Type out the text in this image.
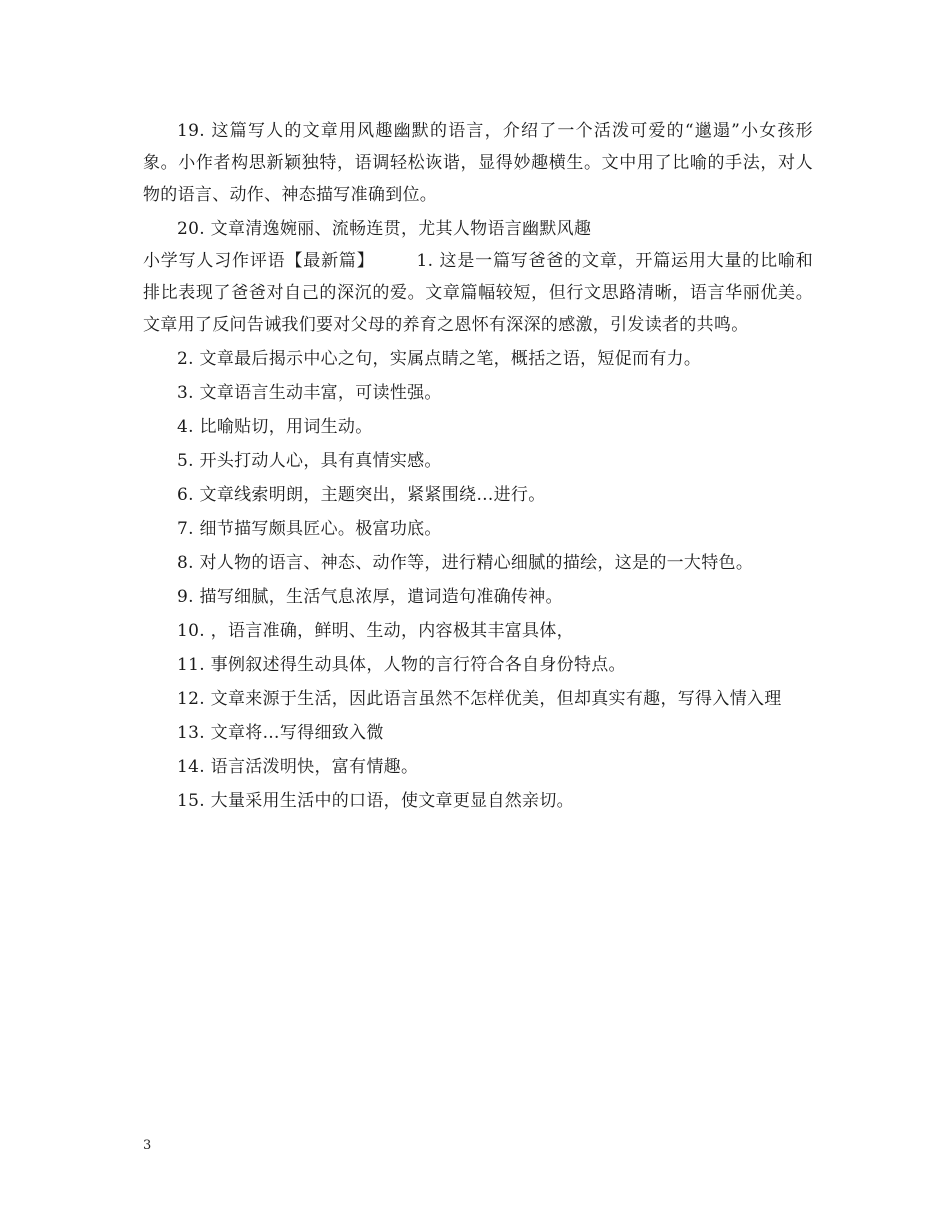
19. 这篇写人的文章用风趣幽默的语言，介绍了一个活泼可爱的“邋遢”小女孩形象。小作者构思新颖独特，语调轻松诙谐，显得妙趣横生。文中用了比喻的手法，对人物的语言、动作、神态描写准确到位。

20. 文章清逸婉丽、流畅连贯，尤其人物语言幽默风趣

小学写人习作评语【最新篇】 1. 这是一篇写爸爸的文章，开篇运用大量的比喻和排比表现了爸爸对自己的深沉的爱。文章篇幅较短，但行文思路清晰，语言华丽优美。文章用了反问告诫我们要对父母的养育之恩怀有深深的感激，引发读者的共鸣。

2. 文章最后揭示中心之句，实属点睛之笔，概括之语，短促而有力。

3. 文章语言生动丰富，可读性强。

4. 比喻贴切，用词生动。

5. 开头打动人心，具有真情实感。

6. 文章线索明朗，主题突出，紧紧围绕…进行。

7. 细节描写颇具匠心。极富功底。

8. 对人物的语言、神态、动作等，进行精心细腻的描绘，这是的一大特色。

9. 描写细腻，生活气息浓厚，遣词造句准确传神。

10. ，语言准确，鲜明、生动，内容极其丰富具体，

11. 事例叙述得生动具体，人物的言行符合各自身份特点。

12. 文章来源于生活，因此语言虽然不怎样优美，但却真实有趣，写得入情入理

13. 文章将…写得细致入微

14. 语言活泼明快，富有情趣。

15. 大量采用生活中的口语，使文章更显自然亲切。

3
